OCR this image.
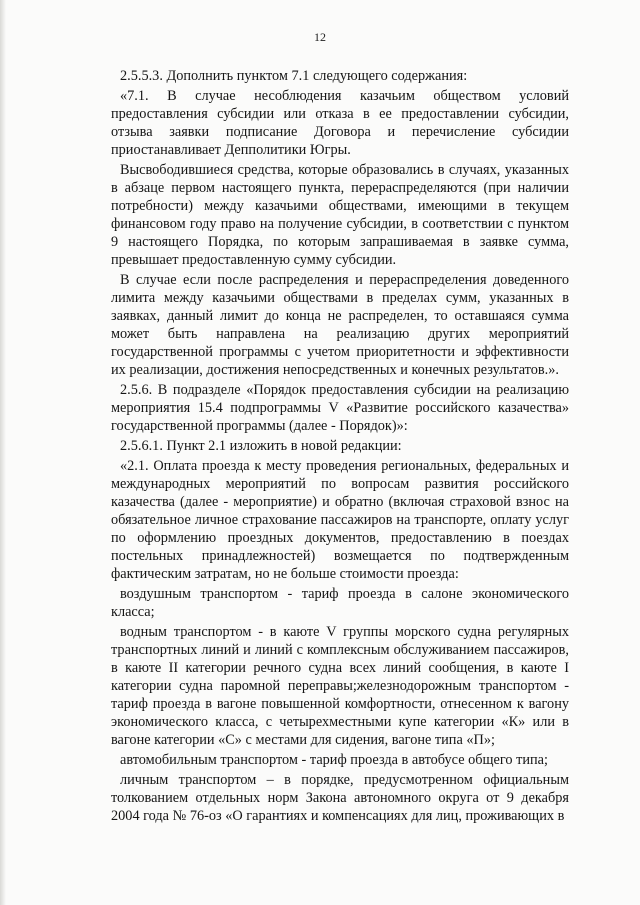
12

2.5.5.3. Дополнить пунктом 7.1 следующего содержания:

«7.1. В случае несоблюдения казачьим обществом условий предоставления субсидии или отказа в ее предоставлении субсидии, отзыва заявки подписание Договора и перечисление субсидии приостанавливает Депполитики Югры.

Высвободившиеся средства, которые образовались в случаях, указанных в абзаце первом настоящего пункта, перераспределяются (при наличии потребности) между казачьими обществами, имеющими в текущем финансовом году право на получение субсидии, в соответствии с пунктом 9 настоящего Порядка, по которым запрашиваемая в заявке сумма, превышает предоставленную сумму субсидии.

В случае если после распределения и перераспределения доведенного лимита между казачьими обществами в пределах сумм, указанных в заявках, данный лимит до конца не распределен, то оставшаяся сумма может быть направлена на реализацию других мероприятий государственной программы с учетом приоритетности и эффективности их реализации, достижения непосредственных и конечных результатов.».

2.5.6. В подразделе «Порядок предоставления субсидии на реализацию мероприятия 15.4 подпрограммы V «Развитие российского казачества» государственной программы (далее - Порядок)»:

2.5.6.1. Пункт 2.1 изложить в новой редакции:

«2.1. Оплата проезда к месту проведения региональных, федеральных и международных мероприятий по вопросам развития российского казачества (далее - мероприятие) и обратно (включая страховой взнос на обязательное личное страхование пассажиров на транспорте, оплату услуг по оформлению проездных документов, предоставлению в поездах постельных принадлежностей) возмещается по подтвержденным фактическим затратам, но не больше стоимости проезда:

воздушным транспортом - тариф проезда в салоне экономического класса;

водным транспортом - в каюте V группы морского судна регулярных транспортных линий и линий с комплексным обслуживанием пассажиров, в каюте II категории речного судна всех линий сообщения, в каюте I категории судна паромной переправы;железнодорожным транспортом - тариф проезда в вагоне повышенной комфортности, отнесенном к вагону экономического класса, с четырехместными купе категории «К» или в вагоне категории «С» с местами для сидения, вагоне типа «П»;

автомобильным транспортом - тариф проезда в автобусе общего типа;

личным транспортом – в порядке, предусмотренном официальным толкованием отдельных норм Закона автономного округа от 9 декабря 2004 года № 76-оз «О гарантиях и компенсациях для лиц, проживающих в
